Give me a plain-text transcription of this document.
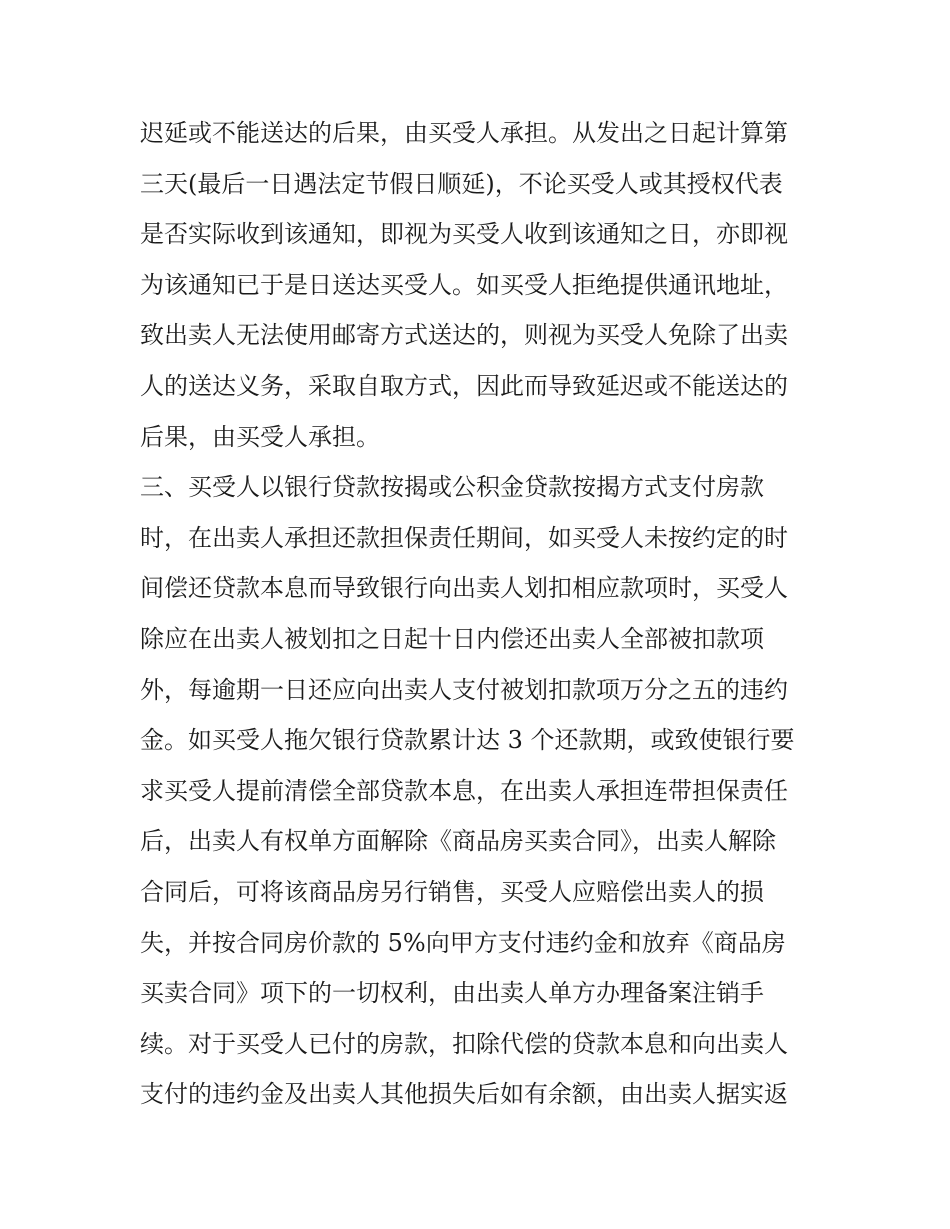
迟延或不能送达的后果，由买受人承担。从发出之日起计算第
三天(最后一日遇法定节假日顺延)，不论买受人或其授权代表
是否实际收到该通知，即视为买受人收到该通知之日，亦即视
为该通知已于是日送达买受人。如买受人拒绝提供通讯地址，
致出卖人无法使用邮寄方式送达的，则视为买受人免除了出卖
人的送达义务，采取自取方式，因此而导致延迟或不能送达的
后果，由买受人承担。
三、买受人以银行贷款按揭或公积金贷款按揭方式支付房款
时，在出卖人承担还款担保责任期间，如买受人未按约定的时
间偿还贷款本息而导致银行向出卖人划扣相应款项时，买受人
除应在出卖人被划扣之日起十日内偿还出卖人全部被扣款项
外，每逾期一日还应向出卖人支付被划扣款项万分之五的违约
金。如买受人拖欠银行贷款累计达 3 个还款期，或致使银行要
求买受人提前清偿全部贷款本息，在出卖人承担连带担保责任
后，出卖人有权单方面解除《商品房买卖合同》，出卖人解除
合同后，可将该商品房另行销售，买受人应赔偿出卖人的损
失，并按合同房价款的 5%向甲方支付违约金和放弃《商品房
买卖合同》项下的一切权利，由出卖人单方办理备案注销手
续。对于买受人已付的房款，扣除代偿的贷款本息和向出卖人
支付的违约金及出卖人其他损失后如有余额，由出卖人据实返
